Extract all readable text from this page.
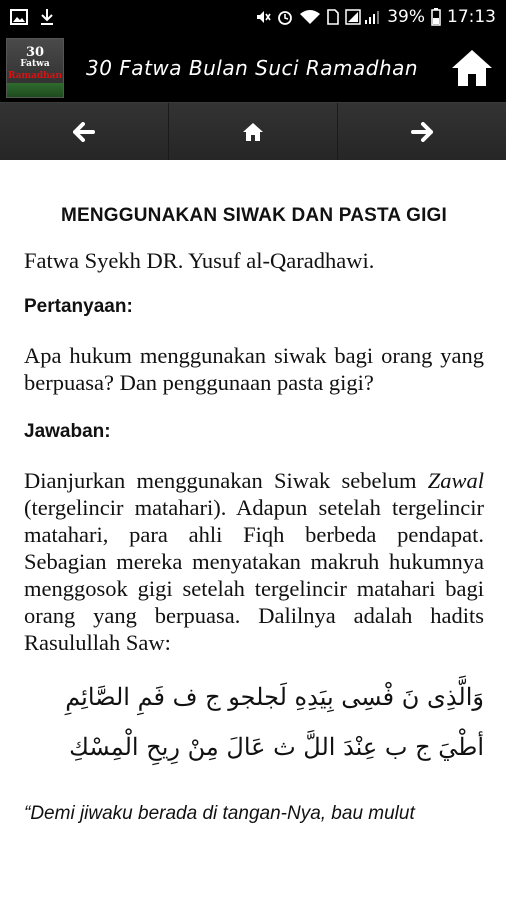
39% 17:13
30
Fatwa
Ramadhan 30 Fatwa Bulan Suci Ramadhan
MENGGUNAKAN SIWAK DAN PASTA GIGI

Fatwa Syekh DR. Yusuf al-Qaradhawi.

Pertanyaan:

Apa hukum menggunakan siwak bagi orang yang berpuasa? Dan penggunaan pasta gigi?

Jawaban:

Dianjurkan menggunakan Siwak sebelum Zawal (tergelincir matahari). Adapun setelah tergelincir matahari, para ahli Fiqh berbeda pendapat. Sebagian mereka menyatakan makruh hukumnya menggosok gigi setelah tergelincir matahari bagi orang yang berpuasa. Dalilnya adalah hadits Rasulullah Saw:

وَالَّذِى نَ فْسِى بِيَدِهِ لَجلجو ج ف فَمِ الصَّائِمِ
أطْيَ ج ب عِنْدَ اللَّ ث عَالَ مِنْ رِيحِ الْمِسْكِ

“Demi jiwaku berada di tangan-Nya, bau mulut
